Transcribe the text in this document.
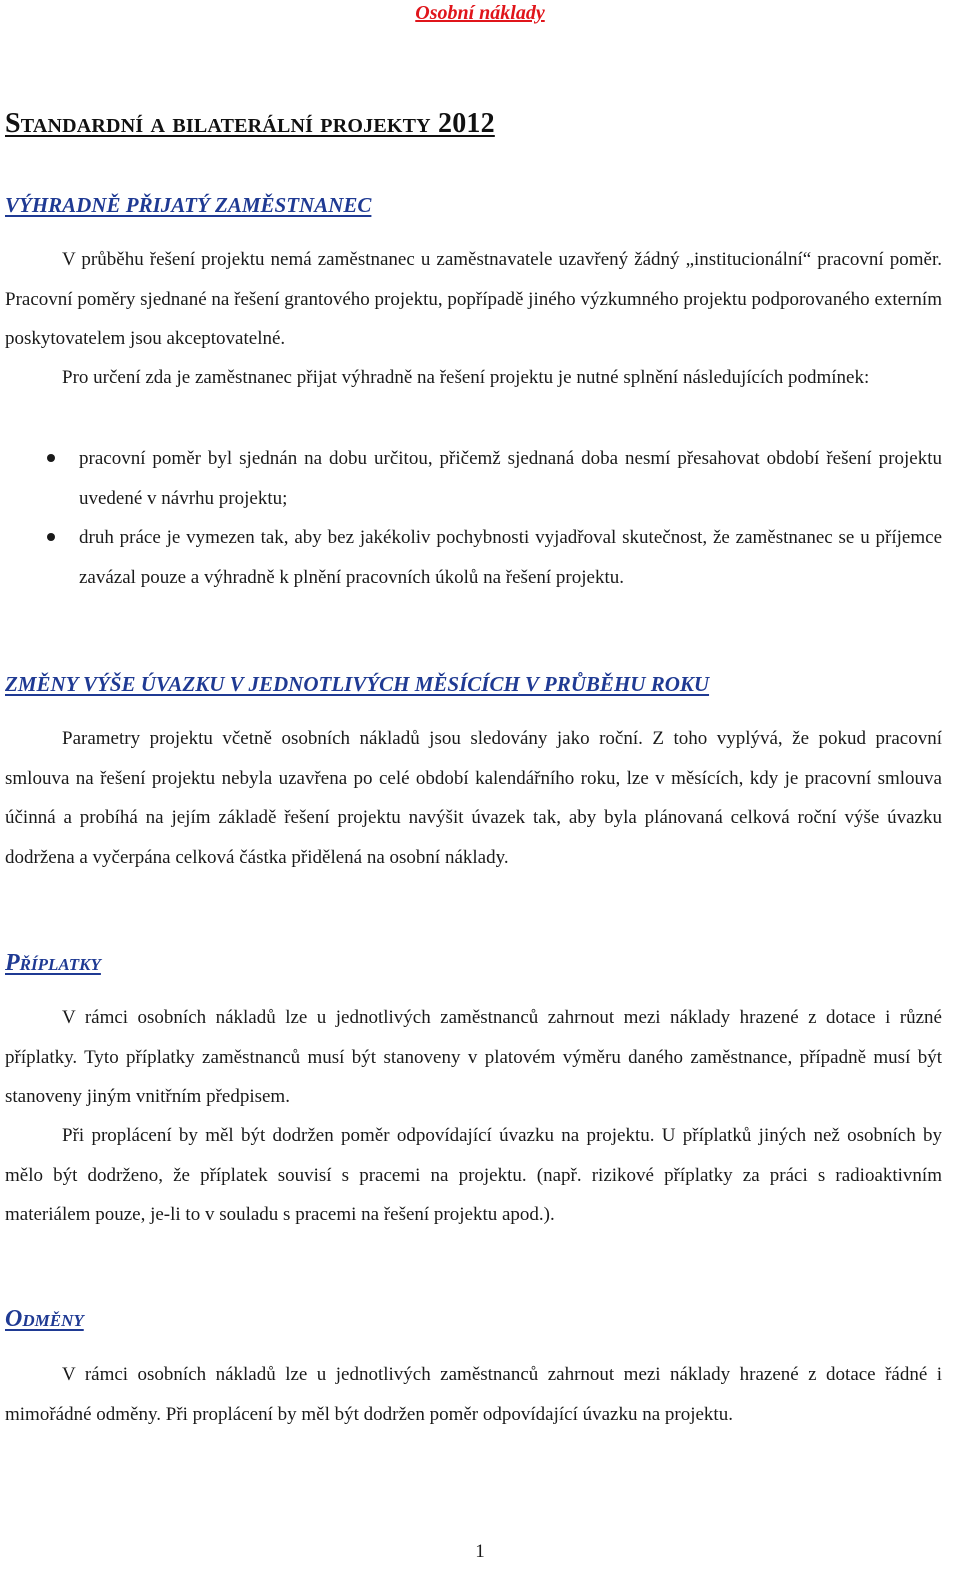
Osobní náklady
Standardní a bilaterální projekty 2012
VÝHRADNĚ PŘIJATÝ ZAMĚSTNANEC

V průběhu řešení projektu nemá zaměstnanec u zaměstnavatele uzavřený žádný „institucionální“ pracovní poměr. Pracovní poměry sjednané na řešení grantového projektu, popřípadě jiného výzkumného projektu podporovaného externím poskytovatelem jsou akceptovatelné.

Pro určení zda je zaměstnanec přijat výhradně na řešení projektu je nutné splnění následujících podmínek:

pracovní poměr byl sjednán na dobu určitou, přičemž sjednaná doba nesmí přesahovat období řešení projektu uvedené v návrhu projektu;
druh práce je vymezen tak, aby bez jakékoliv pochybnosti vyjadřoval skutečnost, že zaměstnanec se u příjemce zavázal pouze a výhradně k plnění pracovních úkolů na řešení projektu.
ZMĚNY VÝŠE ÚVAZKU V JEDNOTLIVÝCH MĚSÍCÍCH V PRŮBĚHU ROKU

Parametry projektu včetně osobních nákladů jsou sledovány jako roční. Z toho vyplývá, že pokud pracovní smlouva na řešení projektu nebyla uzavřena po celé období kalendářního roku, lze v měsících, kdy je pracovní smlouva účinná a probíhá na jejím základě řešení projektu navýšit úvazek tak, aby byla plánovaná celková roční výše úvazku dodržena a vyčerpána celková částka přidělená na osobní náklady.

Příplatky

V rámci osobních nákladů lze u jednotlivých zaměstnanců zahrnout mezi náklady hrazené z dotace i různé příplatky. Tyto příplatky zaměstnanců musí být stanoveny v platovém výměru daného zaměstnance, případně musí být stanoveny jiným vnitřním předpisem.

Při proplácení by měl být dodržen poměr odpovídající úvazku na projektu. U příplatků jiných než osobních by mělo být dodrženo, že příplatek souvisí s pracemi na projektu. (např. rizikové příplatky za práci s radioaktivním materiálem pouze, je-li to v souladu s pracemi na řešení projektu apod.).

Odměny

V rámci osobních nákladů lze u jednotlivých zaměstnanců zahrnout mezi náklady hrazené z dotace řádné i mimořádné odměny. Při proplácení by měl být dodržen poměr odpovídající úvazku na projektu.

1
